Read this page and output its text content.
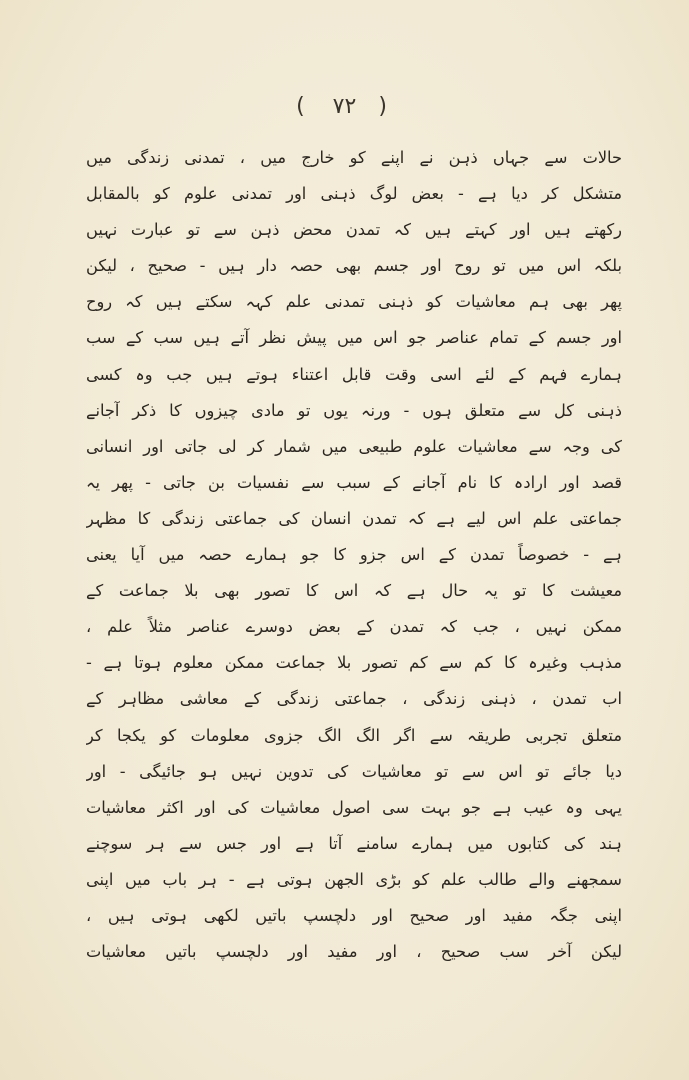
( ۷۲ )
حالات سے جہاں ذہن نے اپنے کو خارج میں ، تمدنی زندگی میں
متشکل کر دیا ہے - بعض لوگ ذہنی اور تمدنی علوم کو بالمقابل
رکھتے ہیں اور کہتے ہیں کہ تمدن محض ذہن سے تو عبارت نہیں
بلکہ اس میں تو روح اور جسم بھی حصہ دار ہیں - صحیح ، لیکن
پھر بھی ہم معاشیات کو ذہنی تمدنی علم کہہ سکتے ہیں کہ روح
اور جسم کے تمام عناصر جو اس میں پیش نظر آتے ہیں سب کے سب
ہمارے فہم کے لئے اسی وقت قابل اعتناء ہوتے ہیں جب وہ کسی
ذہنی کل سے متعلق ہوں - ورنہ یوں تو مادی چیزوں کا ذکر آجانے
کی وجہ سے معاشیات علوم طبیعی میں شمار کر لی جاتی اور انسانی
قصد اور ارادہ کا نام آجانے کے سبب سے نفسیات بن جاتی - پھر یہ
جماعتی علم اس لیے ہے کہ تمدن انسان کی جماعتی زندگی کا مظہر
ہے - خصوصاً تمدن کے اس جزو کا جو ہمارے حصہ میں آیا یعنی
معیشت کا تو یہ حال ہے کہ اس کا تصور بھی بلا جماعت کے
ممکن نہیں ، جب کہ تمدن کے بعض دوسرے عناصر مثلاً علم ،
مذہب وغیرہ کا کم سے کم تصور بلا جماعت ممکن معلوم ہوتا ہے -
اب تمدن ، ذہنی زندگی ، جماعتی زندگی کے معاشی مظاہر کے
متعلق تجربی طریقہ سے اگر الگ الگ جزوی معلومات کو یکجا کر
دیا جائے تو اس سے تو معاشیات کی تدوین نہیں ہو جائیگی - اور
یہی وہ عیب ہے جو بہت سی اصول معاشیات کی اور اکثر معاشیات
ہند کی کتابوں میں ہمارے سامنے آتا ہے اور جس سے ہر سوچنے
سمجھنے والے طالب علم کو بڑی الجھن ہوتی ہے - ہر باب میں اپنی
اپنی جگہ مفید اور صحیح اور دلچسپ باتیں لکھی ہوتی ہیں ،
لیکن آخر سب صحیح ، اور مفید اور دلچسپ باتیں معاشیات
